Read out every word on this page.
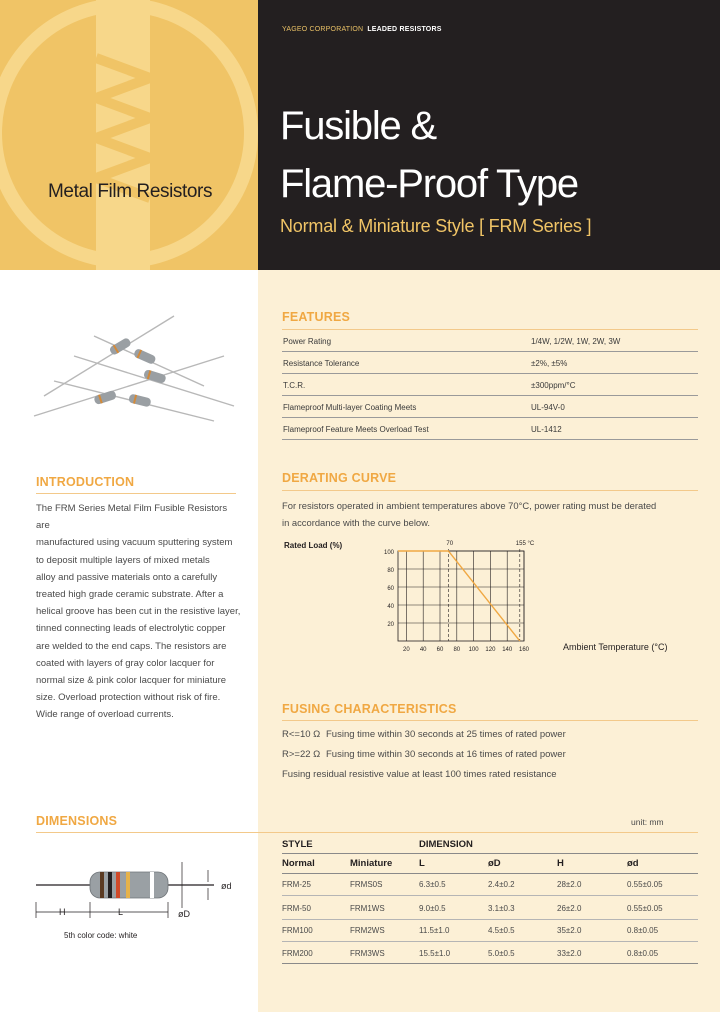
Metal Film Resistors
YAGEO CORPORATION LEADED RESISTORS
Fusible &
Flame-Proof Type
Normal & Miniature Style [ FRM Series ]
FEATURES
Power Rating	1/4W, 1/2W, 1W, 2W, 3W
Resistance Tolerance	±2%, ±5%
T.C.R.	±300ppm/°C
Flameproof Multi-layer Coating Meets	UL-94V-0
Flameproof Feature Meets Overload Test	UL-1412
INTRODUCTION
The FRM Series Metal Film Fusible Resistors are
manufactured using vacuum sputtering system
to deposit multiple layers of mixed metals
alloy and passive materials onto a carefully
treated high grade ceramic substrate. After a
helical groove has been cut in the resistive layer,
tinned connecting leads of electrolytic copper
are welded to the end caps. The resistors are
coated with layers of gray color lacquer for
normal size & pink color lacquer for miniature
size. Overload protection without risk of fire.
Wide range of overload currents.
DERATING CURVE
For resistors operated in ambient temperatures above 70°C, power rating must be derated
in accordance with the curve below.
Rated Load (%)
Ambient Temperature (°C)
20
40
60
80
100
20 40 60 80 100 120 140 160
70	155 °C
FUSING CHARACTERISTICS
R<=10 Ω Fusing time within 30 seconds at 25 times of rated power
R>=22 Ω Fusing time within 30 seconds at 16 times of rated power
Fusing residual resistive value at least 100 times rated resistance
DIMENSIONS	unit: mm
ød
øD
H	L
5th color code: white
STYLE	DIMENSION
Normal	Miniature	L	øD	H	ød
FRM-25	FRMS0S	6.3±0.5	2.4±0.2	28±2.0	0.55±0.05
FRM-50	FRM1WS	9.0±0.5	3.1±0.3	26±2.0	0.55±0.05
FRM100	FRM2WS	11.5±1.0	4.5±0.5	35±2.0	0.8±0.05
FRM200	FRM3WS	15.5±1.0	5.0±0.5	33±2.0	0.8±0.05
